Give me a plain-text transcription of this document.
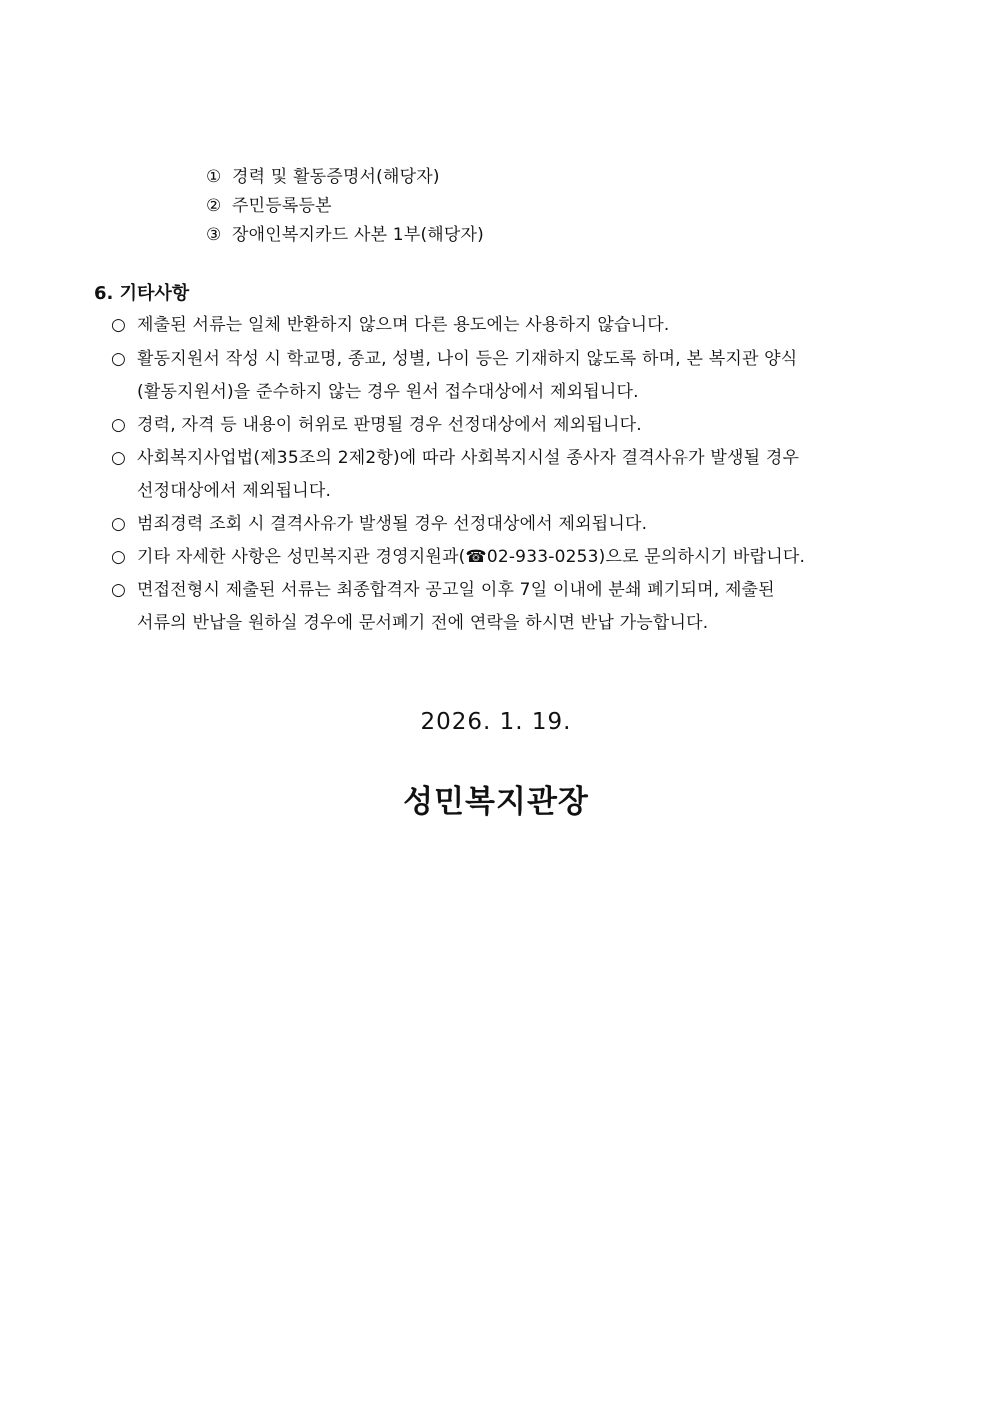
① 경력 및 활동증명서(해당자)
② 주민등록등본
③ 장애인복지카드 사본 1부(해당자)
6. 기타사항
○ 제출된 서류는 일체 반환하지 않으며 다른 용도에는 사용하지 않습니다.
○ 활동지원서 작성 시 학교명, 종교, 성별, 나이 등은 기재하지 않도록 하며, 본 복지관 양식
(활동지원서)을 준수하지 않는 경우 원서 접수대상에서 제외됩니다.
○ 경력, 자격 등 내용이 허위로 판명될 경우 선정대상에서 제외됩니다.
○ 사회복지사업법(제35조의 2제2항)에 따라 사회복지시설 종사자 결격사유가 발생될 경우
선정대상에서 제외됩니다.
○ 범죄경력 조회 시 결격사유가 발생될 경우 선정대상에서 제외됩니다.
○ 기타 자세한 사항은 성민복지관 경영지원과(☎02-933-0253)으로 문의하시기 바랍니다.
○ 면접전형시 제출된 서류는 최종합격자 공고일 이후 7일 이내에 분쇄 폐기되며, 제출된
서류의 반납을 원하실 경우에 문서폐기 전에 연락을 하시면 반납 가능합니다.
2026. 1. 19.
성민복지관장
